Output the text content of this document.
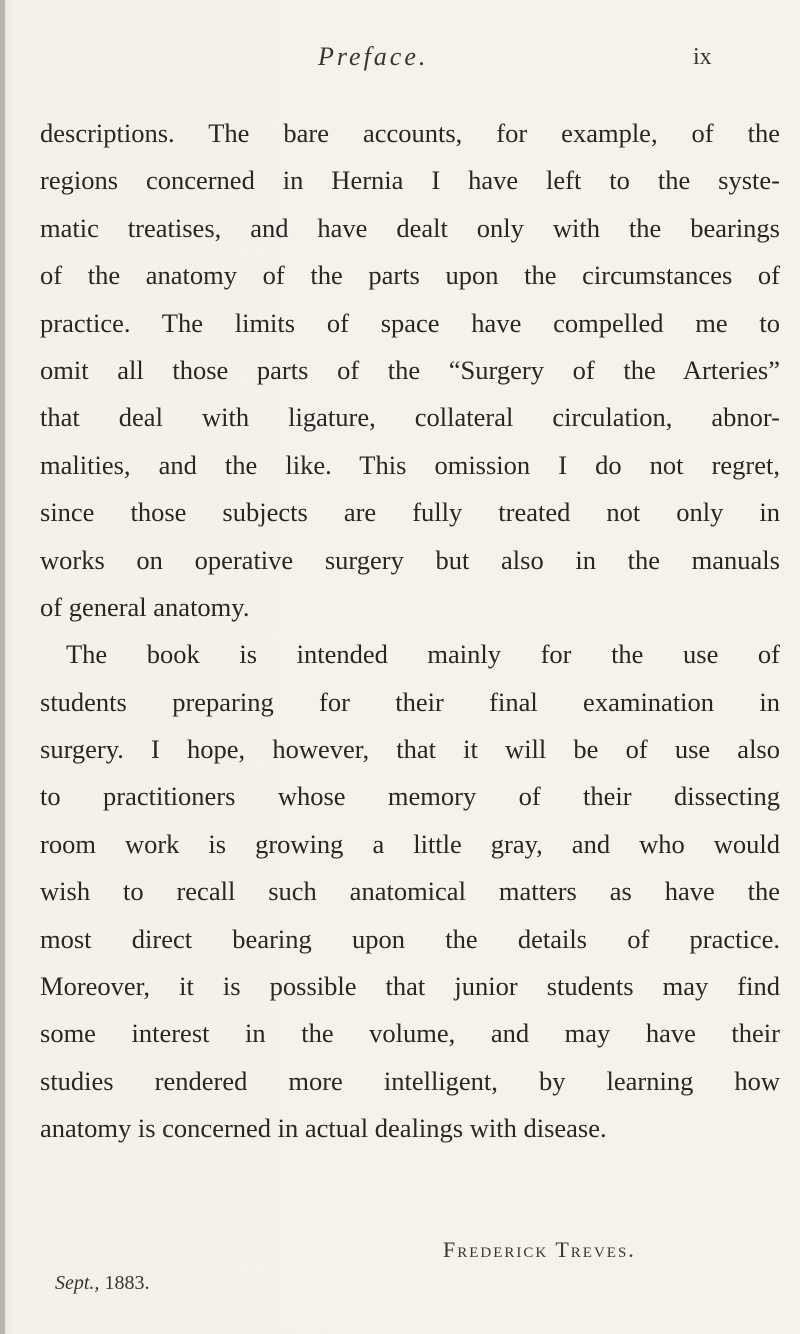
Preface.	ix
descriptions. The bare accounts, for example, of the
regions concerned in Hernia I have left to the syste-
matic treatises, and have dealt only with the bearings
of the anatomy of the parts upon the circumstances of
practice. The limits of space have compelled me to
omit all those parts of the “Surgery of the Arteries”
that deal with ligature, collateral circulation, abnor-
malities, and the like. This omission I do not regret,
since those subjects are fully treated not only in
works on operative surgery but also in the manuals
of general anatomy.
The book is intended mainly for the use of
students preparing for their final examination in
surgery. I hope, however, that it will be of use also
to practitioners whose memory of their dissecting
room work is growing a little gray, and who would
wish to recall such anatomical matters as have the
most direct bearing upon the details of practice.
Moreover, it is possible that junior students may find
some interest in the volume, and may have their
studies rendered more intelligent, by learning how
anatomy is concerned in actual dealings with disease.
Frederick Treves.
Sept., 1883.
